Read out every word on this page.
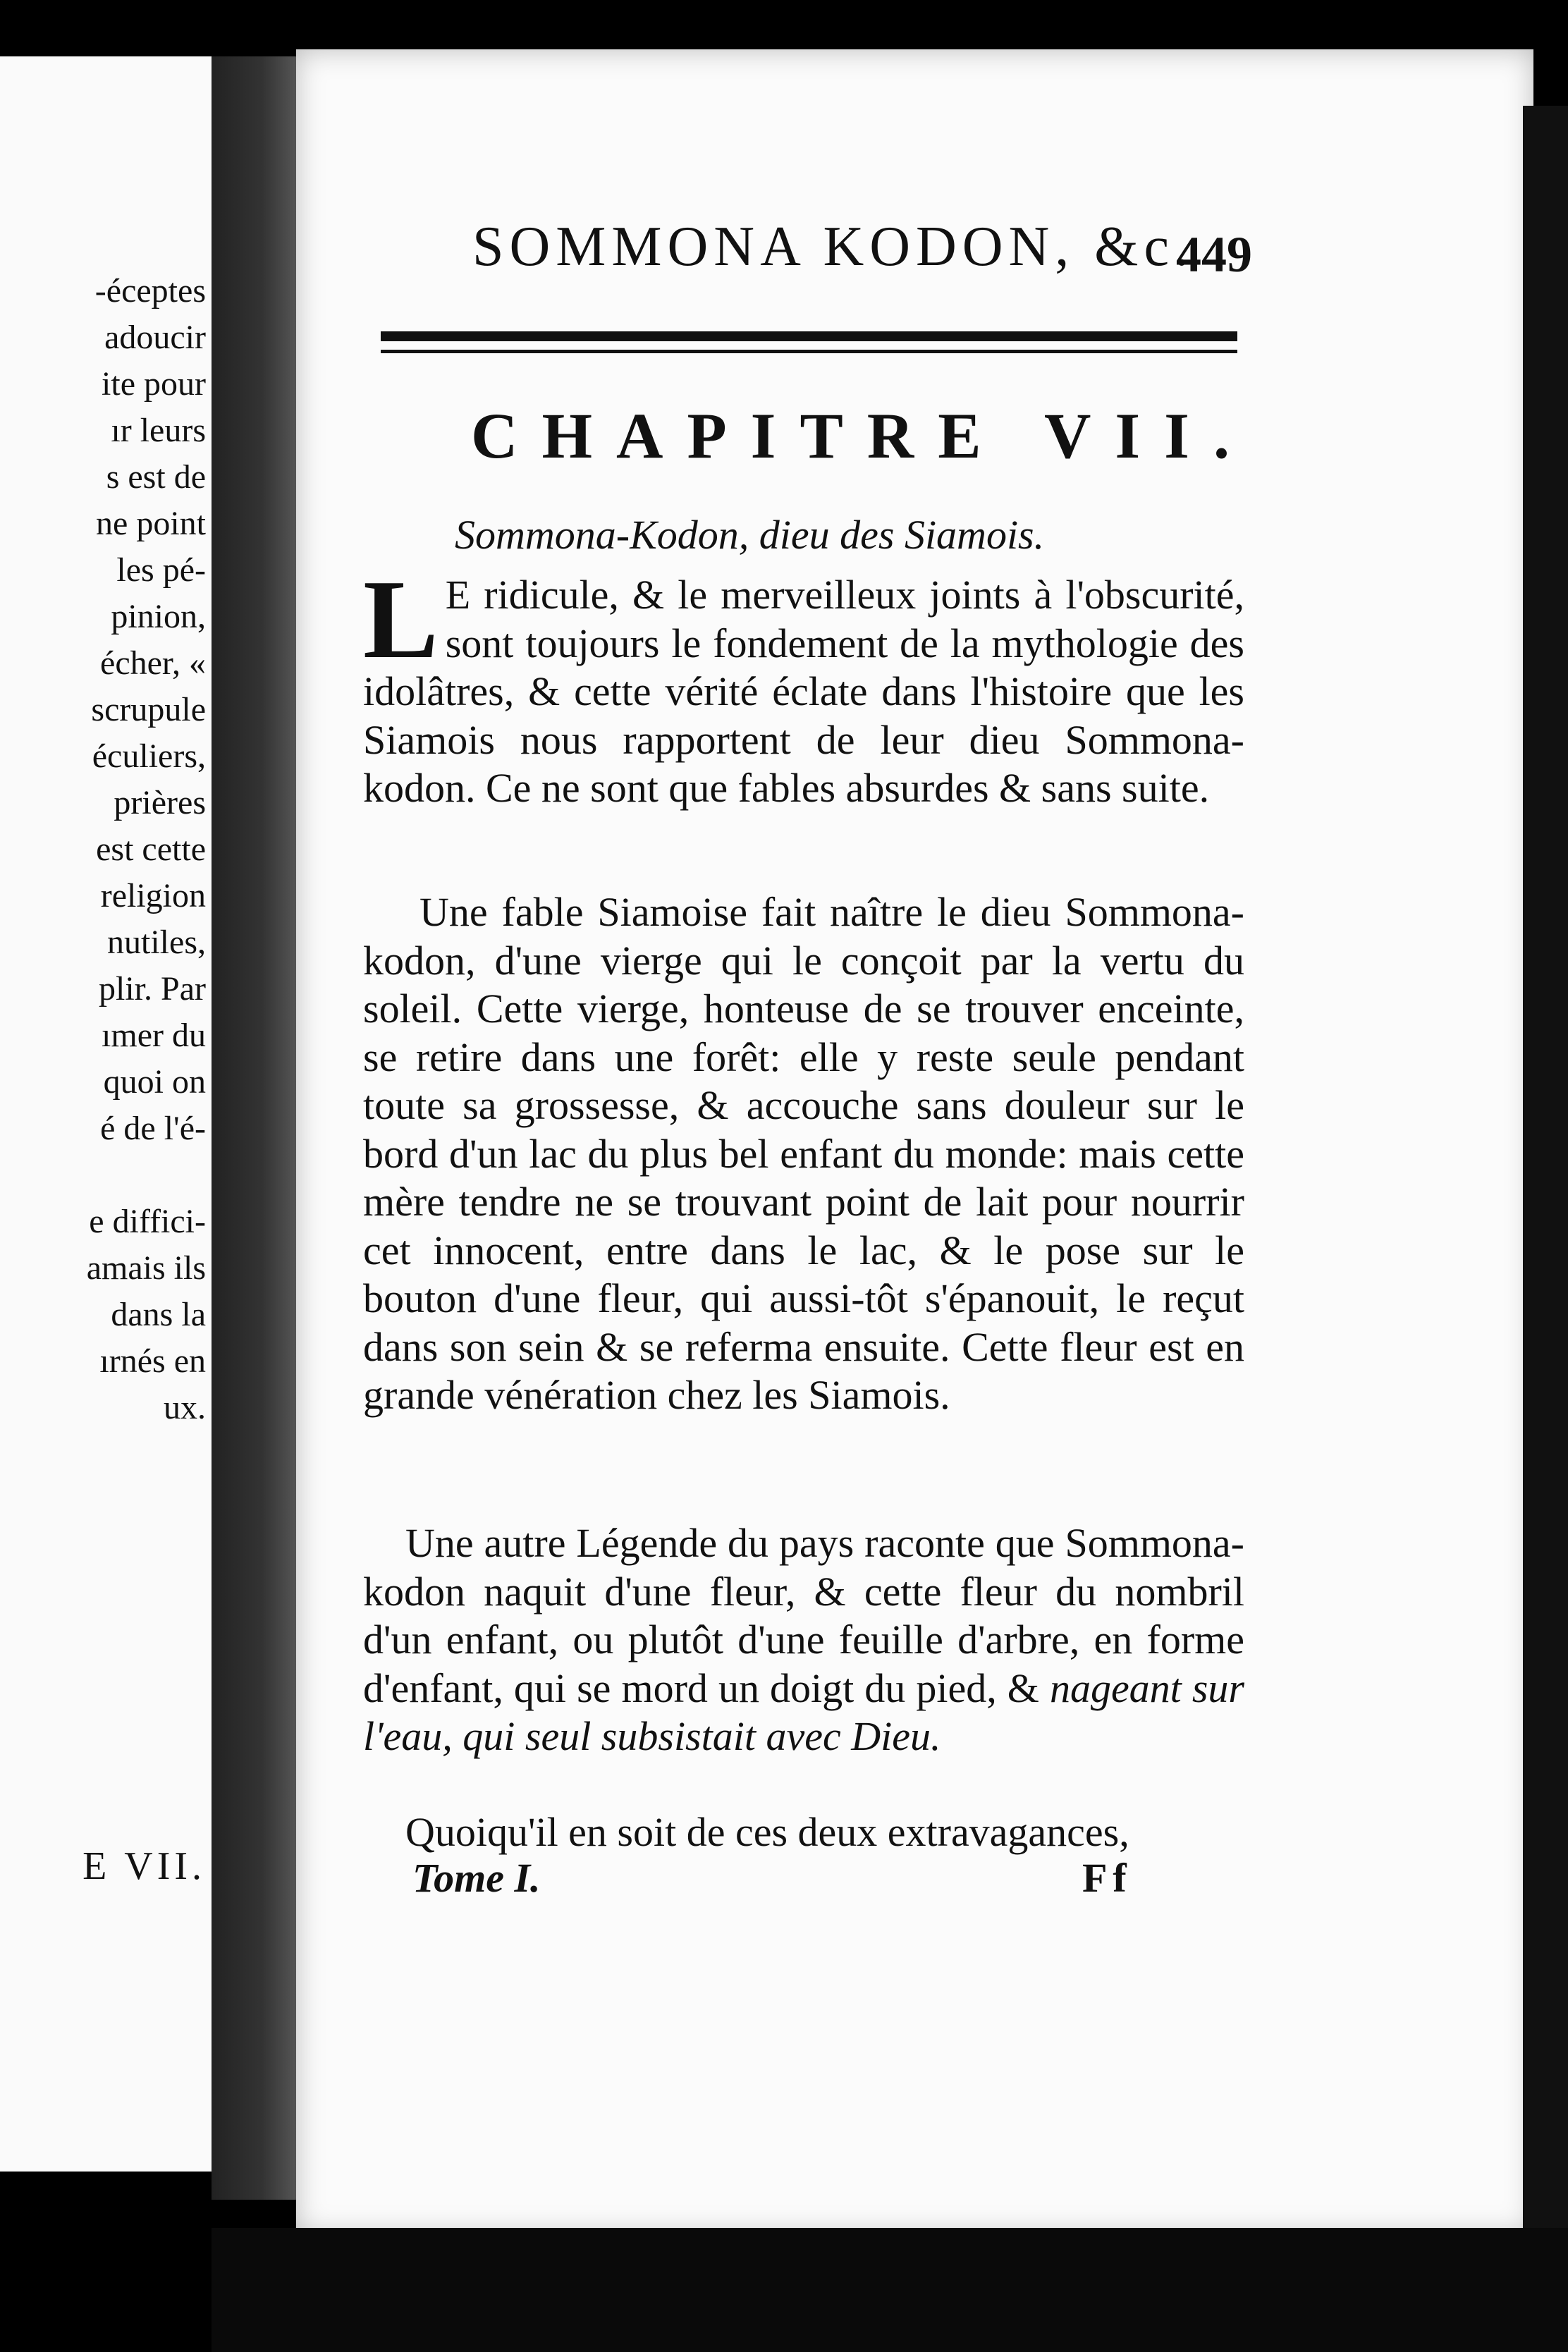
-éceptes
adoucir
ite pour
ır leurs
s est de
ne point
les pé-
pinion,
écher, «
scrupule
éculiers,
prières
est cette
religion
nutiles,
plir. Par
ımer du
quoi on
é de l'é-
e diffici-
amais ils
dans la
ırnés en
ux.
E VII.
SOMMONA KODON, &c.
449
CHAPITRE VII.
Sommona-Kodon, dieu des Siamois.

L E ridicule, & le merveilleux joints à l'obscurité, sont toujours le fondement de la mythologie des idolâtres, & cette vérité éclate dans l'histoire que les Siamois nous rapportent de leur dieu Sommona-kodon. Ce ne sont que fables absurdes & sans suite.

Une fable Siamoise fait naître le dieu Sommona-kodon, d'une vierge qui le conçoit par la vertu du soleil. Cette vierge, honteuse de se trouver enceinte, se retire dans une forêt: elle y reste seule pendant toute sa grossesse, & accouche sans douleur sur le bord d'un lac du plus bel enfant du monde: mais cette mère tendre ne se trouvant point de lait pour nourrir cet innocent, entre dans le lac, & le pose sur le bouton d'une fleur, qui aussi-tôt s'épanouit, le reçut dans son sein & se referma ensuite. Cette fleur est en grande vénération chez les Siamois.

Une autre Légende du pays raconte que Sommona-kodon naquit d'une fleur, & cette fleur du nombril d'un enfant, ou plutôt d'une feuille d'arbre, en forme d'enfant, qui se mord un doigt du pied, & nageant sur l'eau, qui seul subsistait avec Dieu.

Quoiqu'il en soit de ces deux extravagances,

Tome I.	Ff
